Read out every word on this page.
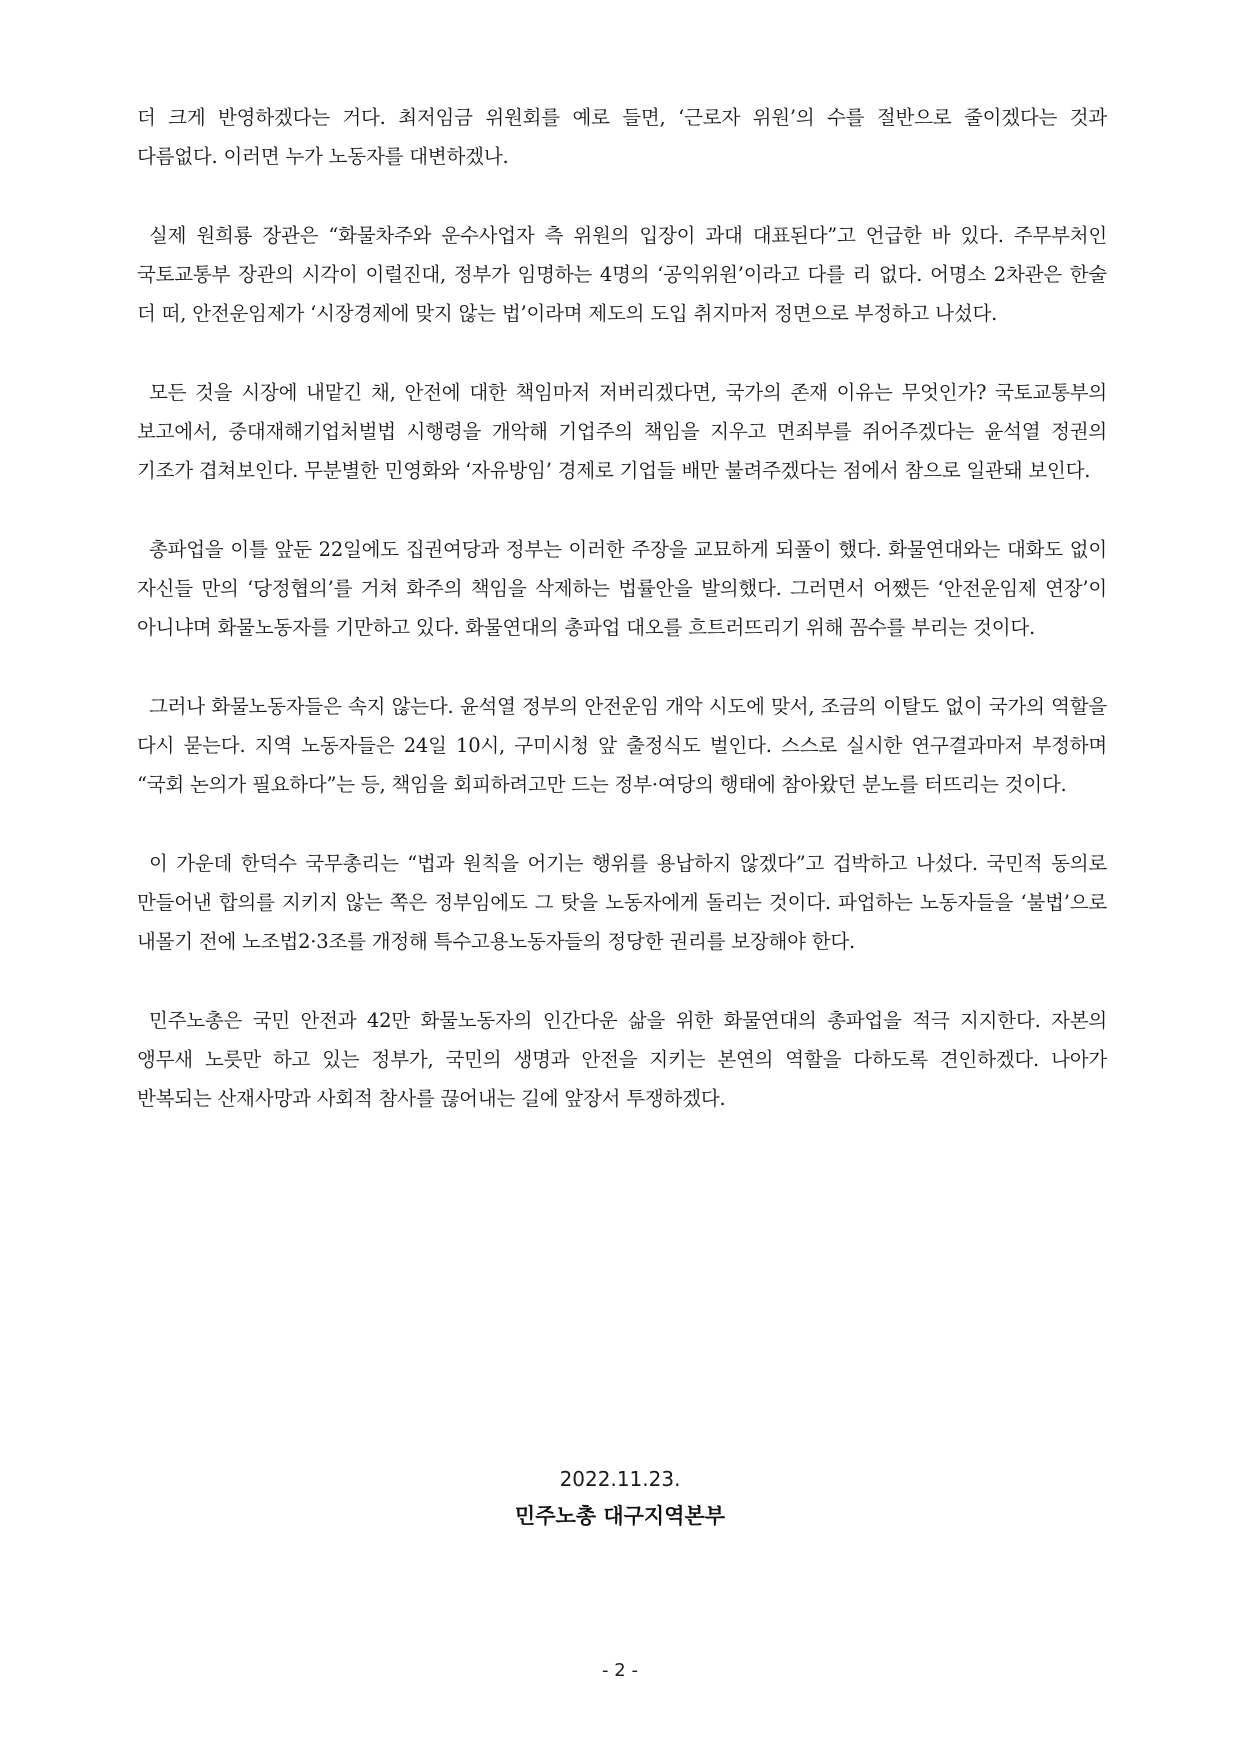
더 크게 반영하겠다는 거다. 최저임금 위원회를 예로 들면, ‘근로자 위원’의 수를 절반으로 줄이겠다는 것과 다름없다. 이러면 누가 노동자를 대변하겠나.

실제 원희룡 장관은 “화물차주와 운수사업자 측 위원의 입장이 과대 대표된다”고 언급한 바 있다. 주무부처인 국토교통부 장관의 시각이 이럴진대, 정부가 임명하는 4명의 ‘공익위원’이라고 다를 리 없다. 어명소 2차관은 한술 더 떠, 안전운임제가 ‘시장경제에 맞지 않는 법’이라며 제도의 도입 취지마저 정면으로 부정하고 나섰다.

모든 것을 시장에 내맡긴 채, 안전에 대한 책임마저 저버리겠다면, 국가의 존재 이유는 무엇인가? 국토교통부의 보고에서, 중대재해기업처벌법 시행령을 개악해 기업주의 책임을 지우고 면죄부를 쥐어주겠다는 윤석열 정권의 기조가 겹쳐보인다. 무분별한 민영화와 ‘자유방임’ 경제로 기업들 배만 불려주겠다는 점에서 참으로 일관돼 보인다.

총파업을 이틀 앞둔 22일에도 집권여당과 정부는 이러한 주장을 교묘하게 되풀이 했다. 화물연대와는 대화도 없이 자신들 만의 ‘당정협의’를 거쳐 화주의 책임을 삭제하는 법률안을 발의했다. 그러면서 어쨌든 ‘안전운임제 연장’이 아니냐며 화물노동자를 기만하고 있다. 화물연대의 총파업 대오를 흐트러뜨리기 위해 꼼수를 부리는 것이다.

그러나 화물노동자들은 속지 않는다. 윤석열 정부의 안전운임 개악 시도에 맞서, 조금의 이탈도 없이 국가의 역할을 다시 묻는다. 지역 노동자들은 24일 10시, 구미시청 앞 출정식도 벌인다. 스스로 실시한 연구결과마저 부정하며 “국회 논의가 필요하다”는 등, 책임을 회피하려고만 드는 정부·여당의 행태에 참아왔던 분노를 터뜨리는 것이다.

이 가운데 한덕수 국무총리는 “법과 원칙을 어기는 행위를 용납하지 않겠다”고 겁박하고 나섰다. 국민적 동의로 만들어낸 합의를 지키지 않는 쪽은 정부임에도 그 탓을 노동자에게 돌리는 것이다. 파업하는 노동자들을 ‘불법’으로 내몰기 전에 노조법2·3조를 개정해 특수고용노동자들의 정당한 권리를 보장해야 한다.

민주노총은 국민 안전과 42만 화물노동자의 인간다운 삶을 위한 화물연대의 총파업을 적극 지지한다. 자본의 앵무새 노릇만 하고 있는 정부가, 국민의 생명과 안전을 지키는 본연의 역할을 다하도록 견인하겠다. 나아가 반복되는 산재사망과 사회적 참사를 끊어내는 길에 앞장서 투쟁하겠다.

2022.11.23.
민주노총 대구지역본부
- 2 -
